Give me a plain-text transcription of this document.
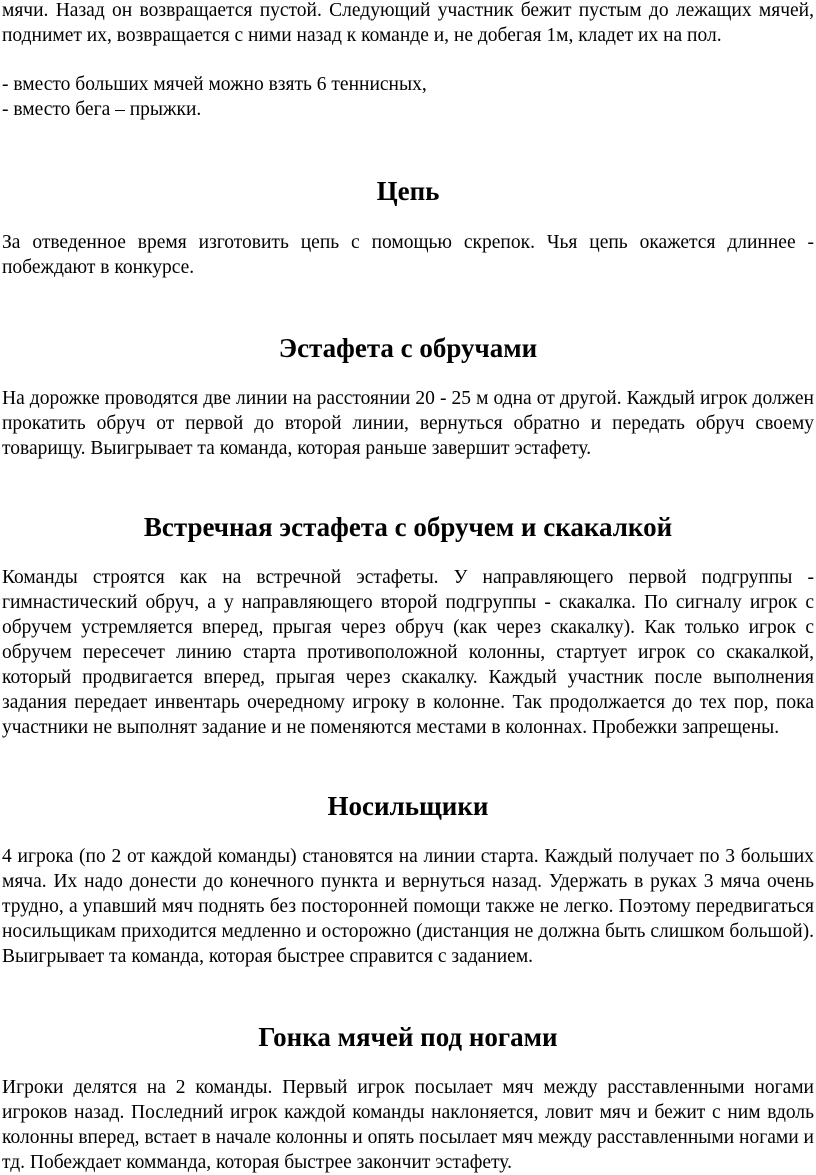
мячи. Назад он возвращается пустой. Следующий участник бежит пустым до лежащих мячей, поднимет их, возвращается с ними назад к команде и, не добегая 1м, кладет их на пол.

- вместо больших мячей можно взять 6 теннисных,

- вместо бега – прыжки.

Цепь

За отведенное время изготовить цепь с помощью скрепок. Чья цепь окажется длиннее - побеждают в конкурсе.

Эстафета с обручами

На дорожке проводятся две линии на расстоянии 20 - 25 м одна от другой. Каждый игрок должен прокатить обруч от первой до второй линии, вернуться обратно и передать обруч своему товарищу. Выигрывает та команда, которая раньше завершит эстафету.

Встречная эстафета с обручем и скакалкой

Команды строятся как на встречной эстафеты. У направляющего первой подгруппы - гимнастический обруч, а у направляющего второй подгруппы - скакалка. По сигналу игрок с обручем устремляется вперед, прыгая через обруч (как через скакалку). Как только игрок с обручем пересечет линию старта противоположной колонны, стартует игрок со скакалкой, который продвигается вперед, прыгая через скакалку. Каждый участник после выполнения задания передает инвентарь очередному игроку в колонне. Так продолжается до тех пор, пока участники не выполнят задание и не поменяются местами в колоннах. Пробежки запрещены.

Носильщики

4 игрока (по 2 от каждой команды) становятся на линии старта. Каждый получает по 3 больших мяча. Их надо донести до конечного пункта и вернуться назад. Удержать в руках 3 мяча очень трудно, а упавший мяч поднять без посторонней помощи также не легко. Поэтому передвигаться носильщикам приходится медленно и осторожно (дистанция не должна быть слишком большой). Выигрывает та команда, которая быстрее справится с заданием.

Гонка мячей под ногами

Игроки делятся на 2 команды. Первый игрок посылает мяч между расставленными ногами игроков назад. Последний игрок каждой команды наклоняется, ловит мяч и бежит с ним вдоль колонны вперед, встает в начале колонны и опять посылает мяч между расставленными ногами и тд. Побеждает комманда, которая быстрее закончит эстафету.
